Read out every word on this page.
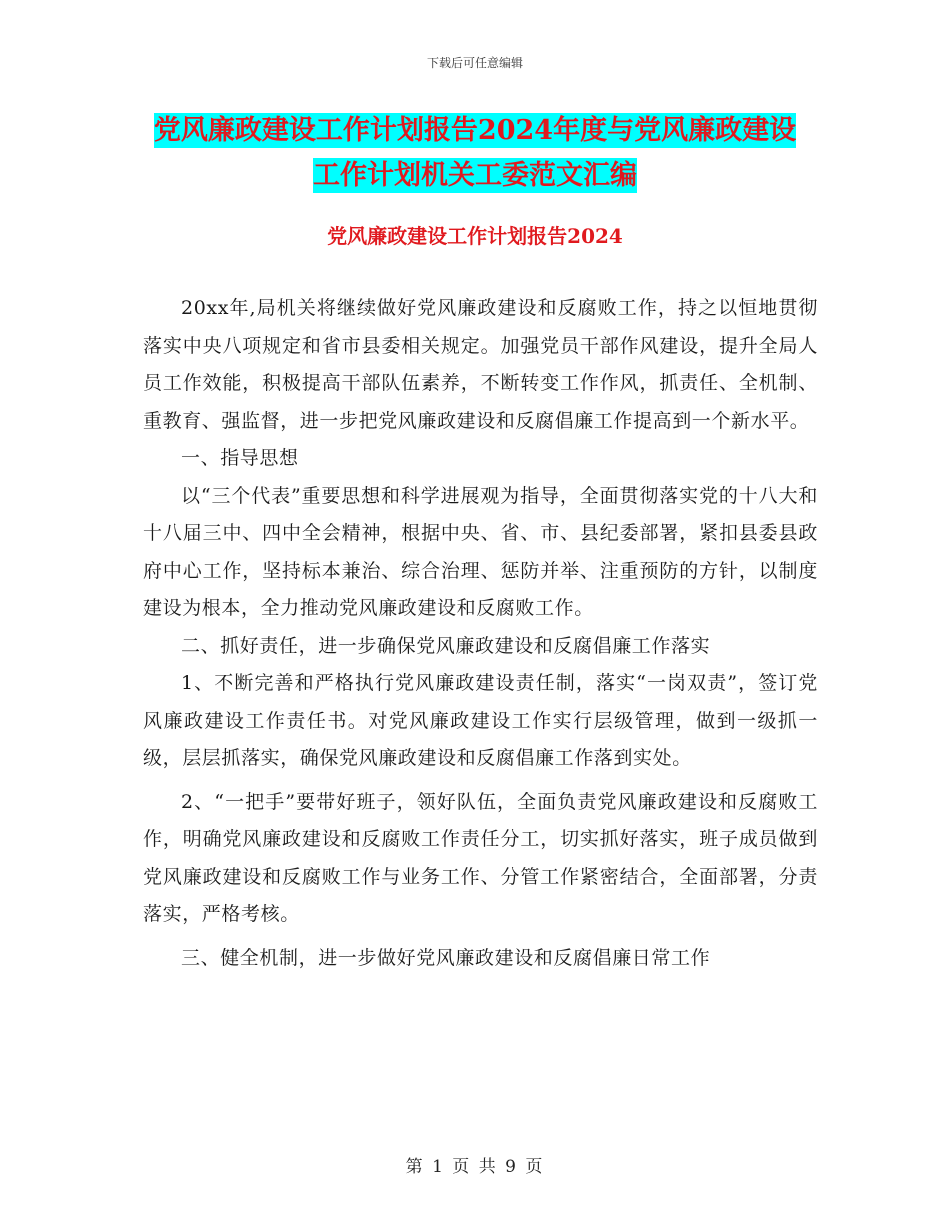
下载后可任意编辑
党风廉政建设工作计划报告2024年度与党风廉政建设
工作计划机关工委范文汇编
党风廉政建设工作计划报告2024

20xx年,局机关将继续做好党风廉政建设和反腐败工作，持之以恒地贯彻落实中央八项规定和省市县委相关规定。加强党员干部作风建设，提升全局人员工作效能，积极提高干部队伍素养，不断转变工作作风，抓责任、全机制、重教育、强监督，进一步把党风廉政建设和反腐倡廉工作提高到一个新水平。

一、指导思想

以“三个代表”重要思想和科学进展观为指导，全面贯彻落实党的十八大和十八届三中、四中全会精神，根据中央、省、市、县纪委部署，紧扣县委县政府中心工作，坚持标本兼治、综合治理、惩防并举、注重预防的方针，以制度建设为根本，全力推动党风廉政建设和反腐败工作。

二、抓好责任，进一步确保党风廉政建设和反腐倡廉工作落实

1、不断完善和严格执行党风廉政建设责任制，落实“一岗双责”，签订党风廉政建设工作责任书。对党风廉政建设工作实行层级管理，做到一级抓一级，层层抓落实，确保党风廉政建设和反腐倡廉工作落到实处。

2、“一把手”要带好班子，领好队伍，全面负责党风廉政建设和反腐败工作，明确党风廉政建设和反腐败工作责任分工，切实抓好落实，班子成员做到党风廉政建设和反腐败工作与业务工作、分管工作紧密结合，全面部署，分责落实，严格考核。

三、健全机制，进一步做好党风廉政建设和反腐倡廉日常工作

第 1 页 共 9 页
